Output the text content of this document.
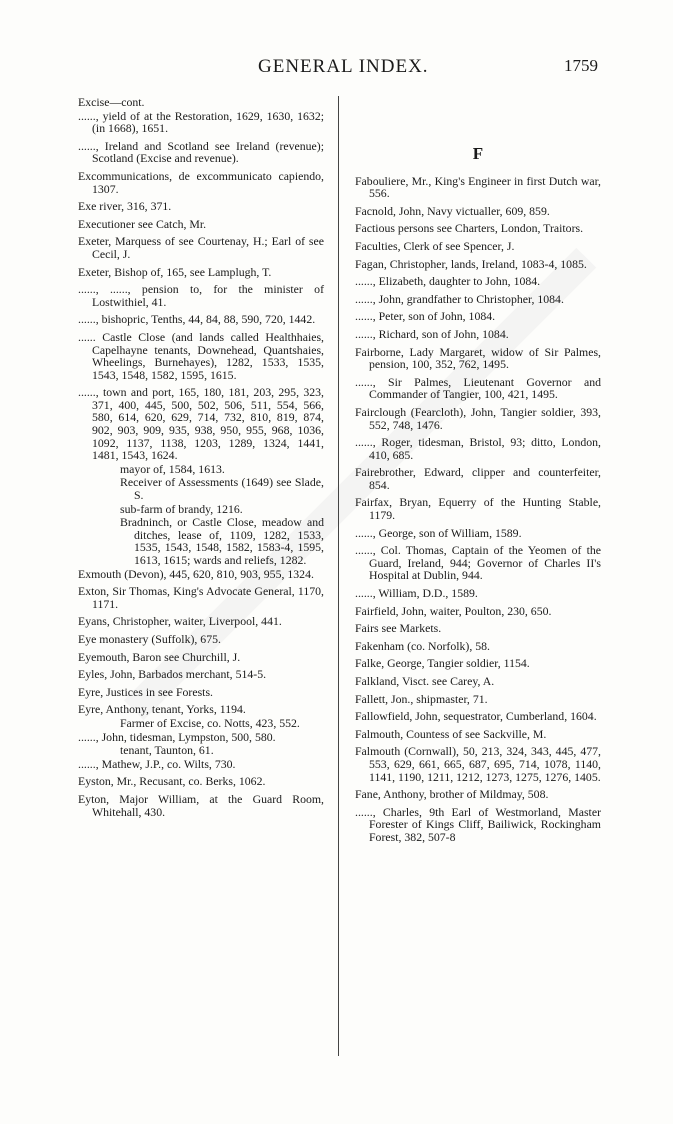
GENERAL INDEX.	1759

Excise—cont.

......, yield of at the Restoration, 1629, 1630, 1632; (in 1668), 1651.

......, Ireland and Scotland see Ireland (revenue); Scotland (Excise and revenue).

Excommunications, de excommunicato capiendo, 1307.

Exe river, 316, 371.

Executioner see Catch, Mr.

Exeter, Marquess of see Courtenay, H.; Earl of see Cecil, J.

Exeter, Bishop of, 165, see Lamplugh, T.

......, ......, pension to, for the minister of Lostwithiel, 41.

......, bishopric, Tenths, 44, 84, 88, 590, 720, 1442.

...... Castle Close (and lands called Healthhaies, Capelhayne tenants, Downehead, Quantshaies, Wheelings, Burnehayes), 1282, 1533, 1535, 1543, 1548, 1582, 1595, 1615.

......, town and port, 165, 180, 181, 203, 295, 323, 371, 400, 445, 500, 502, 506, 511, 554, 566, 580, 614, 620, 629, 714, 732, 810, 819, 874, 902, 903, 909, 935, 938, 950, 955, 968, 1036, 1092, 1137, 1138, 1203, 1289, 1324, 1441, 1481, 1543, 1624.

mayor of, 1584, 1613.

Receiver of Assessments (1649) see Slade, S.

sub-farm of brandy, 1216.

Bradninch, or Castle Close, meadow and ditches, lease of, 1109, 1282, 1533, 1535, 1543, 1548, 1582, 1583-4, 1595, 1613, 1615; wards and reliefs, 1282.

Exmouth (Devon), 445, 620, 810, 903, 955, 1324.

Exton, Sir Thomas, King's Advocate General, 1170, 1171.

Eyans, Christopher, waiter, Liverpool, 441.

Eye monastery (Suffolk), 675.

Eyemouth, Baron see Churchill, J.

Eyles, John, Barbados merchant, 514-5.

Eyre, Justices in see Forests.

Eyre, Anthony, tenant, Yorks, 1194.

Farmer of Excise, co. Notts, 423, 552.

......, John, tidesman, Lympston, 500, 580.

tenant, Taunton, 61.

......, Mathew, J.P., co. Wilts, 730.

Eyston, Mr., Recusant, co. Berks, 1062.

Eyton, Major William, at the Guard Room, Whitehall, 430.

F

Fabouliere, Mr., King's Engineer in first Dutch war, 556.

Facnold, John, Navy victualler, 609, 859.

Factious persons see Charters, London, Traitors.

Faculties, Clerk of see Spencer, J.

Fagan, Christopher, lands, Ireland, 1083-4, 1085.

......, Elizabeth, daughter to John, 1084.

......, John, grandfather to Christopher, 1084.

......, Peter, son of John, 1084.

......, Richard, son of John, 1084.

Fairborne, Lady Margaret, widow of Sir Palmes, pension, 100, 352, 762, 1495.

......, Sir Palmes, Lieutenant Governor and Commander of Tangier, 100, 421, 1495.

Fairclough (Fearcloth), John, Tangier soldier, 393, 552, 748, 1476.

......, Roger, tidesman, Bristol, 93; ditto, London, 410, 685.

Fairebrother, Edward, clipper and counterfeiter, 854.

Fairfax, Bryan, Equerry of the Hunting Stable, 1179.

......, George, son of William, 1589.

......, Col. Thomas, Captain of the Yeomen of the Guard, Ireland, 944; Governor of Charles II's Hospital at Dublin, 944.

......, William, D.D., 1589.

Fairfield, John, waiter, Poulton, 230, 650.

Fairs see Markets.

Fakenham (co. Norfolk), 58.

Falke, George, Tangier soldier, 1154.

Falkland, Visct. see Carey, A.

Fallett, Jon., shipmaster, 71.

Fallowfield, John, sequestrator, Cumberland, 1604.

Falmouth, Countess of see Sackville, M.

Falmouth (Cornwall), 50, 213, 324, 343, 445, 477, 553, 629, 661, 665, 687, 695, 714, 1078, 1140, 1141, 1190, 1211, 1212, 1273, 1275, 1276, 1405.

Fane, Anthony, brother of Mildmay, 508.

......, Charles, 9th Earl of Westmorland, Master Forester of Kings Cliff, Bailiwick, Rockingham Forest, 382, 507-8
